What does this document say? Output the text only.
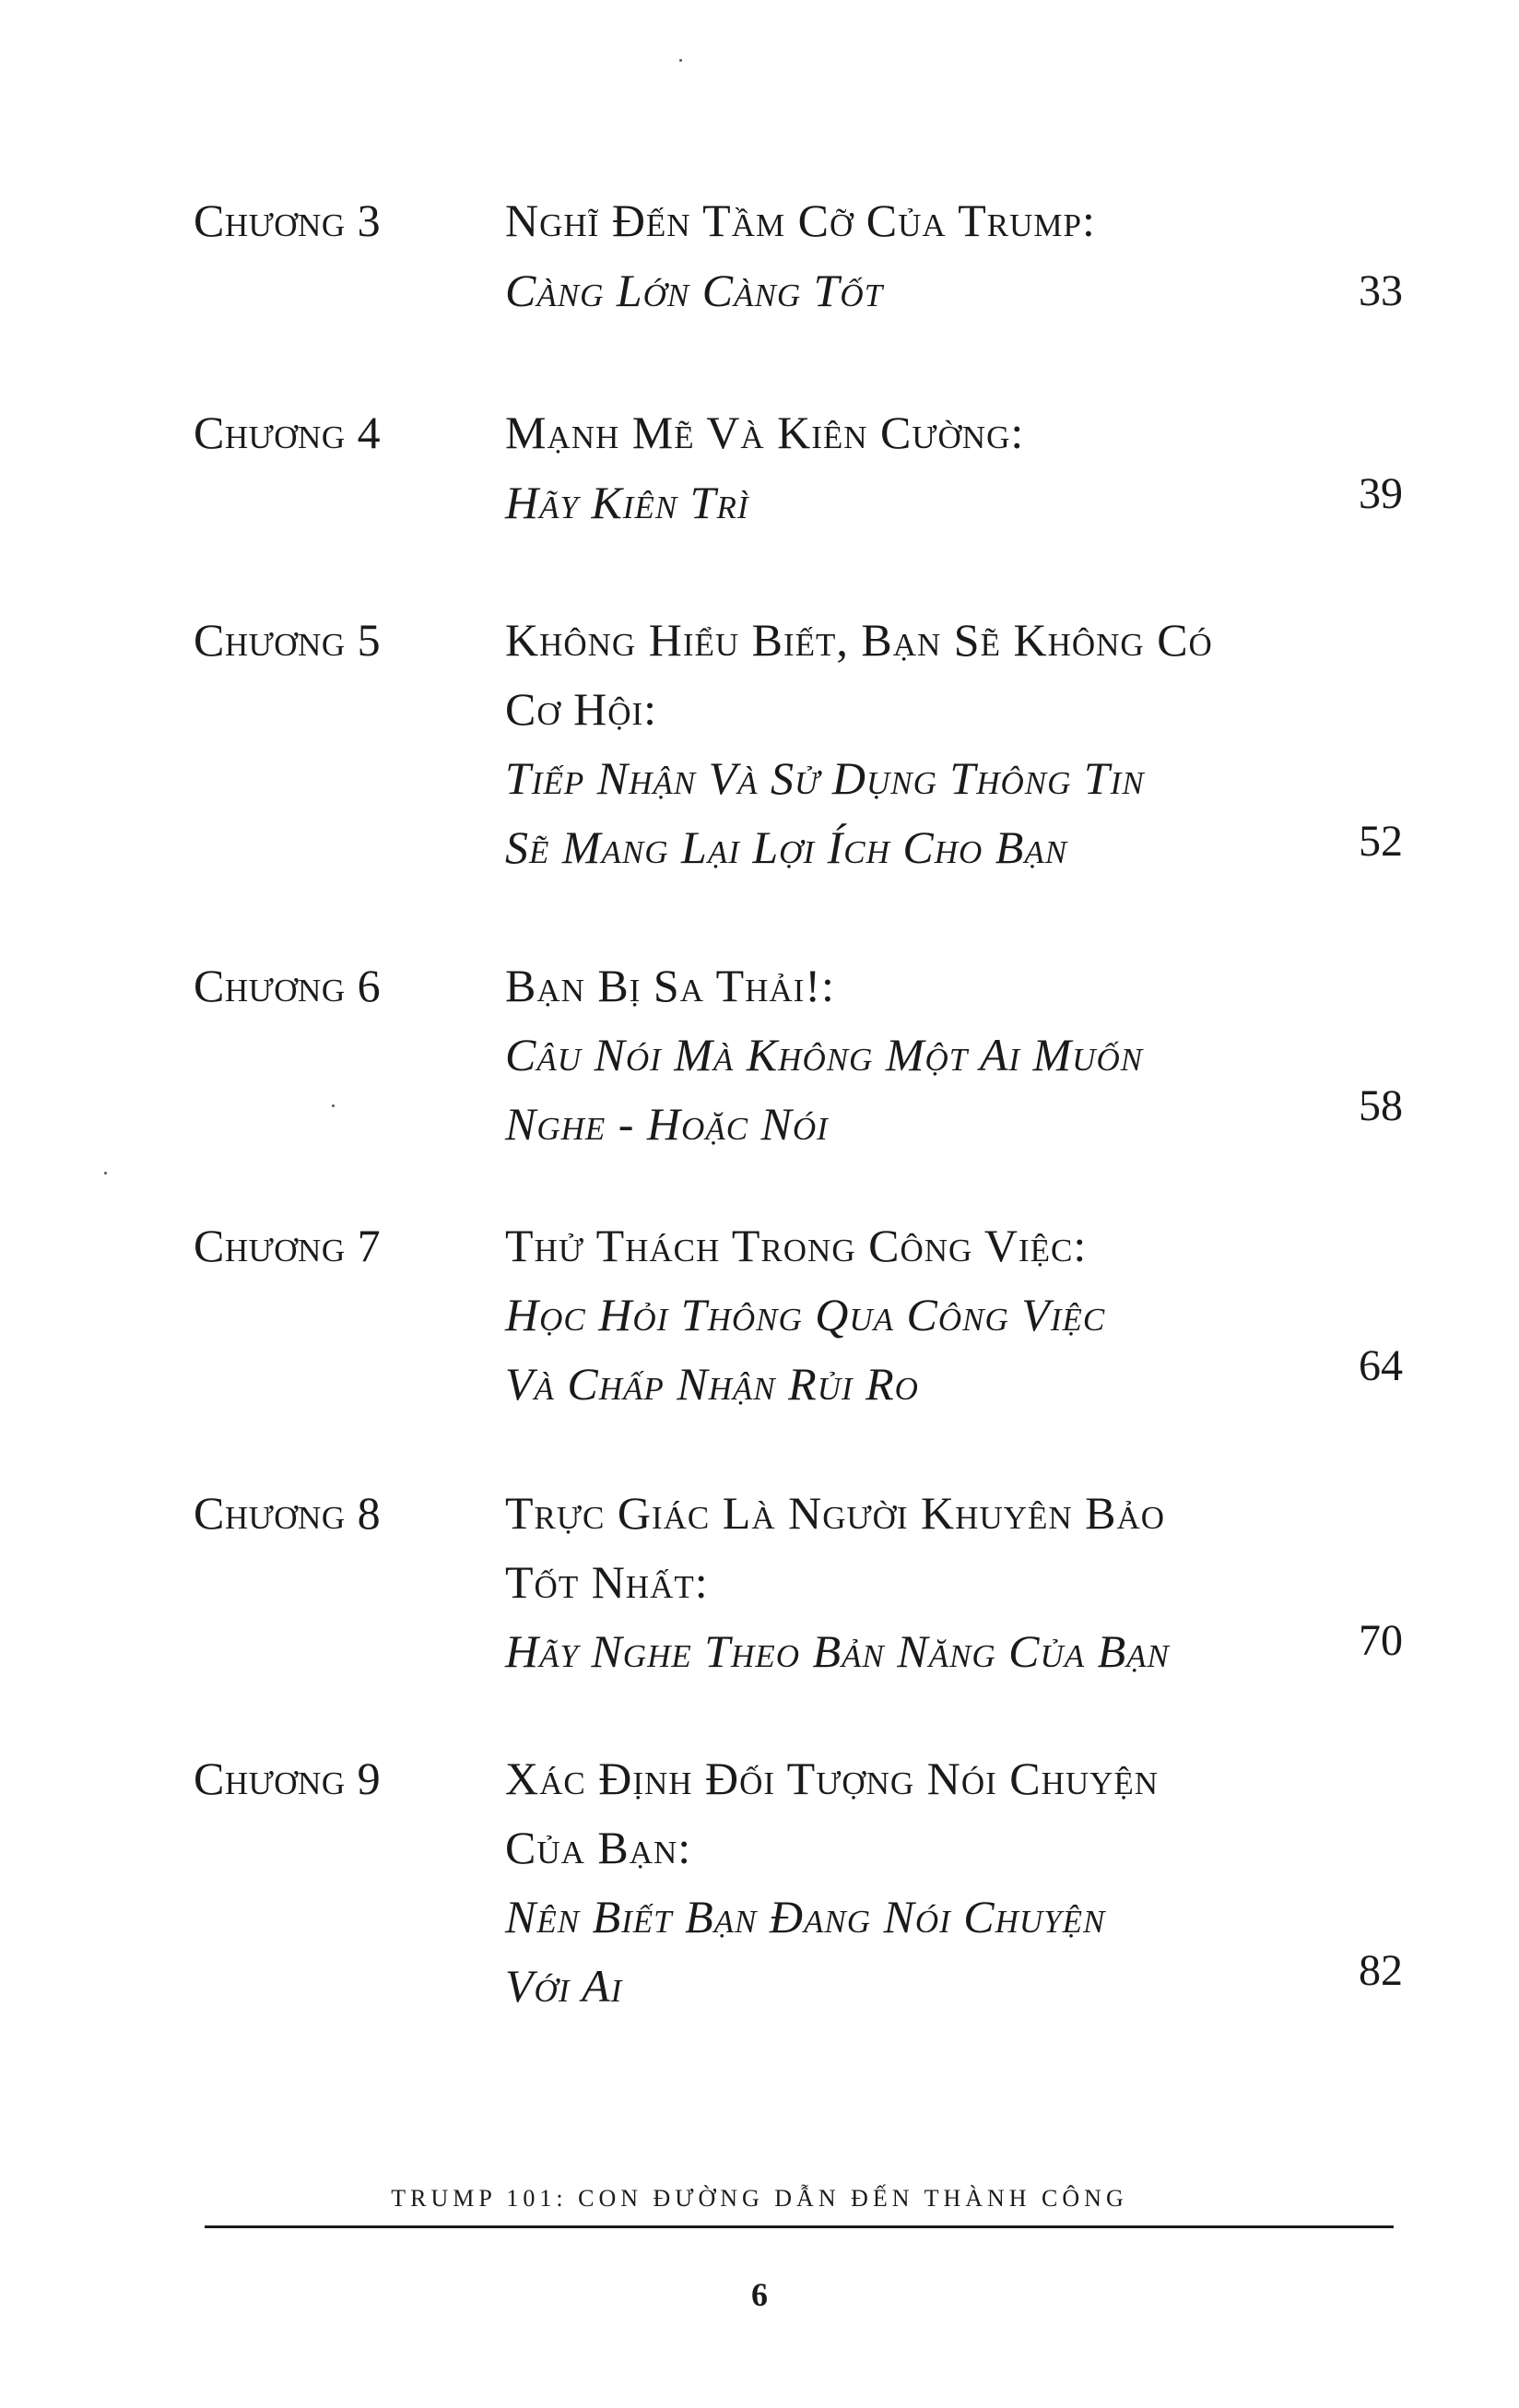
Chương 3	Nghĩ Đến Tầm Cỡ Của Trump:
Càng Lớn Càng Tốt	33
Chương 4	Mạnh Mẽ Và Kiên Cường:
Hãy Kiên Trì	39
Chương 5	Không Hiểu Biết, Bạn Sẽ Không Có
Cơ Hội:
Tiếp Nhận Và Sử Dụng Thông Tin
Sẽ Mang Lại Lợi Ích Cho Bạn	52
Chương 6	Bạn Bị Sa Thải!:
Câu Nói Mà Không Một Ai Muốn
Nghe - Hoặc Nói	58
Chương 7	Thử Thách Trong Công Việc:
Học Hỏi Thông Qua Công Việc
Và Chấp Nhận Rủi Ro	64
Chương 8	Trực Giác Là Người Khuyên Bảo
Tốt Nhất:
Hãy Nghe Theo Bản Năng Của Bạn	70
Chương 9	Xác Định Đối Tượng Nói Chuyện
Của Bạn:
Nên Biết Bạn Đang Nói Chuyện
Với Ai	82
TRUMP 101: CON ĐƯỜNG DẪN ĐẾN THÀNH CÔNG
6
